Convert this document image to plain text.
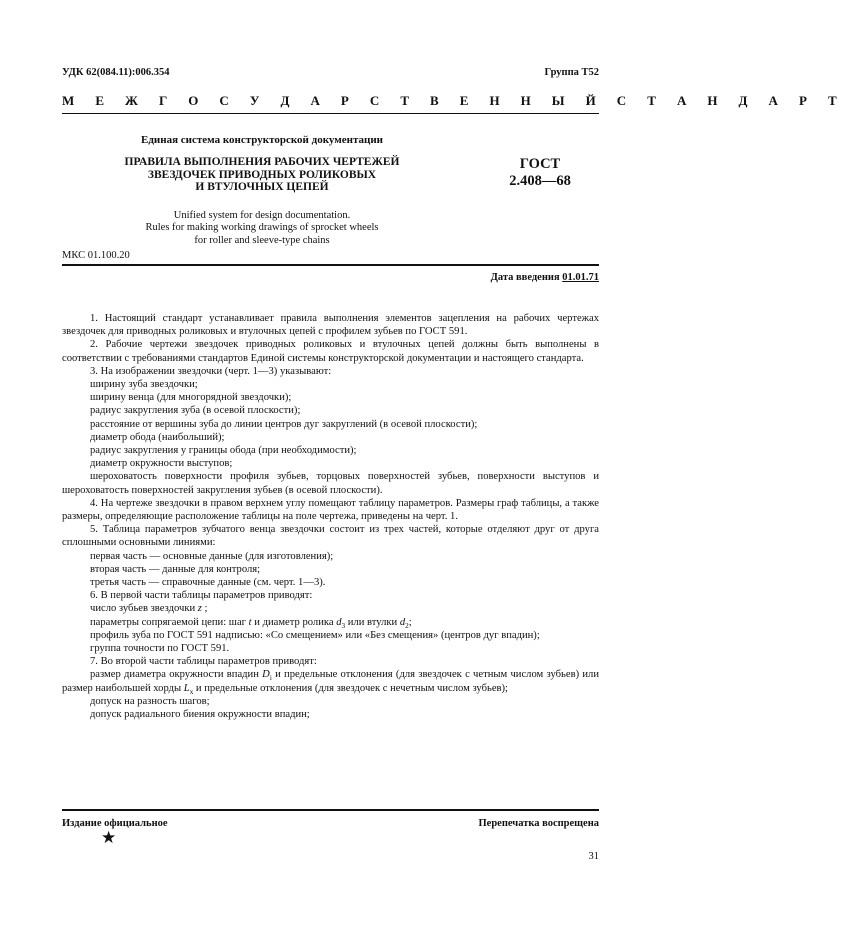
УДК 62(084.11):006.354	Группа Т52
М Е Ж Г О С У Д А Р С Т В Е Н Н Ы Й С Т А Н Д А Р Т
Единая система конструкторской документации
ПРАВИЛА ВЫПОЛНЕНИЯ РАБОЧИХ ЧЕРТЕЖЕЙ
ЗВЕЗДОЧЕК ПРИВОДНЫХ РОЛИКОВЫХ
И ВТУЛОЧНЫХ ЦЕПЕЙ
ГОСТ
2.408—68
Unified system for design documentation.
Rules for making working drawings of sprocket wheels
for roller and sleeve-type chains
МКС 01.100.20
Дата введения 01.01.71

1. Настоящий стандарт устанавливает правила выполнения элементов зацепления на рабочих чертежах звездочек для приводных роликовых и втулочных цепей с профилем зубьев по ГОСТ 591.

2. Рабочие чертежи звездочек приводных роликовых и втулочных цепей должны быть выполнены в соответствии с требованиями стандартов Единой системы конструкторской документации и настоящего стандарта.

3. На изображении звездочки (черт. 1—3) указывают:

ширину зуба звездочки;

ширину венца (для многорядной звездочки);

радиус закругления зуба (в осевой плоскости);

расстояние от вершины зуба до линии центров дуг закруглений (в осевой плоскости);

диаметр обода (наибольший);

радиус закругления у границы обода (при необходимости);

диаметр окружности выступов;

шероховатость поверхности профиля зубьев, торцовых поверхностей зубьев, поверхности выступов и шероховатость поверхностей закругления зубьев (в осевой плоскости).

4. На чертеже звездочки в правом верхнем углу помещают таблицу параметров. Размеры граф таблицы, а также размеры, определяющие расположение таблицы на поле чертежа, приведены на черт. 1.

5. Таблица параметров зубчатого венца звездочки состоит из трех частей, которые отделяют друг от друга сплошными основными линиями:

первая часть — основные данные (для изготовления);

вторая часть — данные для контроля;

третья часть — справочные данные (см. черт. 1—3).

6. В первой части таблицы параметров приводят:

число зубьев звездочки z ;

параметры сопрягаемой цепи: шаг t и диаметр ролика $d_3$ или втулки $d_2$;

профиль зуба по ГОСТ 591 надписью: «Со смещением» или «Без смещения» (центров дуг впадин);

группа точности по ГОСТ 591.

7. Во второй части таблицы параметров приводят:

размер диаметра окружности впадин $D_i$ и предельные отклонения (для звездочек с четным числом зубьев) или размер наибольшей хорды $L_x$ и предельные отклонения (для звездочек с нечетным числом зубьев);

допуск на разность шагов;

допуск радиального биения окружности впадин;

Издание официальное
★
Перепечатка воспрещена
31
